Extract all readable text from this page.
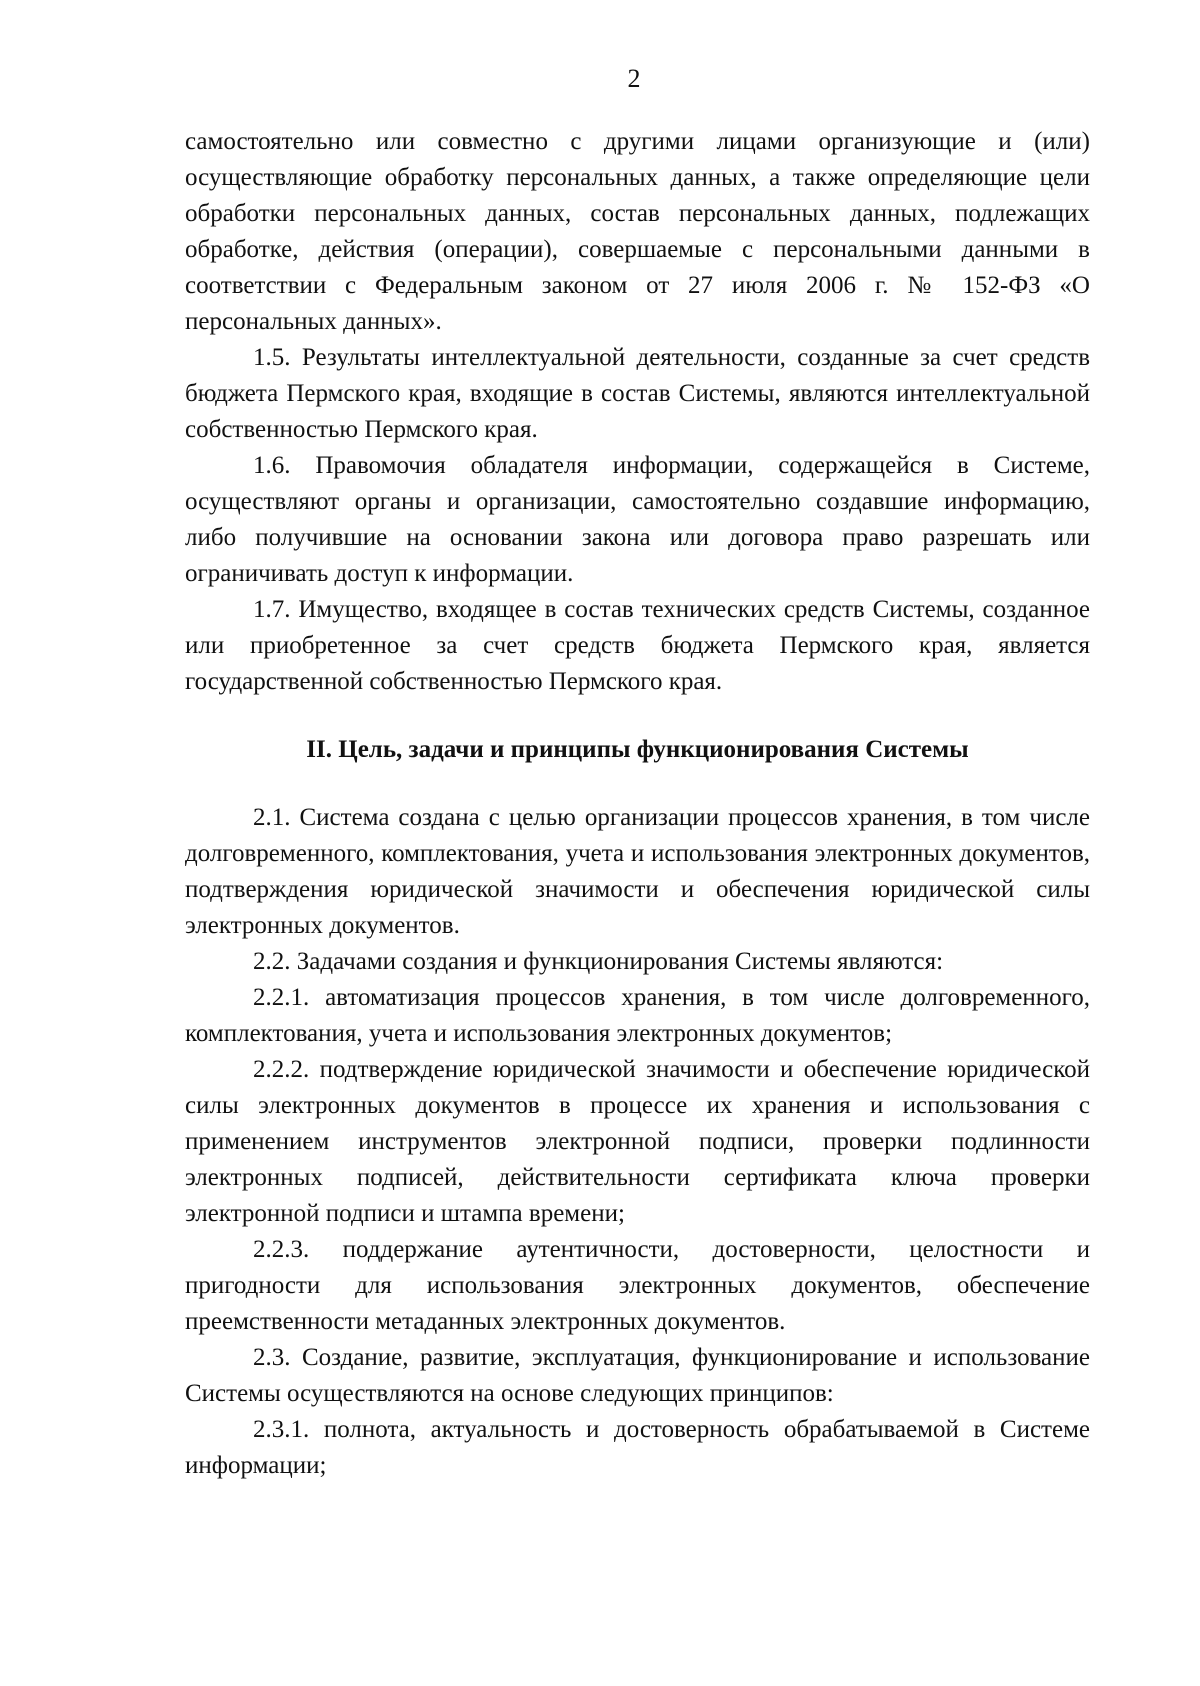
2

самостоятельно или совместно с другими лицами организующие и (или) осуществляющие обработку персональных данных, а также определяющие цели обработки персональных данных, состав персональных данных, подлежащих обработке, действия (операции), совершаемые с персональными данными в соответствии с Федеральным законом от 27 июля 2006 г. № 152-ФЗ «О персональных данных».

1.5. Результаты интеллектуальной деятельности, созданные за счет средств бюджета Пермского края, входящие в состав Системы, являются интеллектуальной собственностью Пермского края.

1.6. Правомочия обладателя информации, содержащейся в Системе, осуществляют органы и организации, самостоятельно создавшие информацию, либо получившие на основании закона или договора право разрешать или ограничивать доступ к информации.

1.7. Имущество, входящее в состав технических средств Системы, созданное или приобретенное за счет средств бюджета Пермского края, является государственной собственностью Пермского края.

II. Цель, задачи и принципы функционирования Системы

2.1. Система создана с целью организации процессов хранения, в том числе долговременного, комплектования, учета и использования электронных документов, подтверждения юридической значимости и обеспечения юридической силы электронных документов.

2.2. Задачами создания и функционирования Системы являются:

2.2.1. автоматизация процессов хранения, в том числе долговременного, комплектования, учета и использования электронных документов;

2.2.2. подтверждение юридической значимости и обеспечение юридической силы электронных документов в процессе их хранения и использования с применением инструментов электронной подписи, проверки подлинности электронных подписей, действительности сертификата ключа проверки электронной подписи и штампа времени;

2.2.3. поддержание аутентичности, достоверности, целостности и пригодности для использования электронных документов, обеспечение преемственности метаданных электронных документов.

2.3. Создание, развитие, эксплуатация, функционирование и использование Системы осуществляются на основе следующих принципов:

2.3.1. полнота, актуальность и достоверность обрабатываемой в Системе информации;
